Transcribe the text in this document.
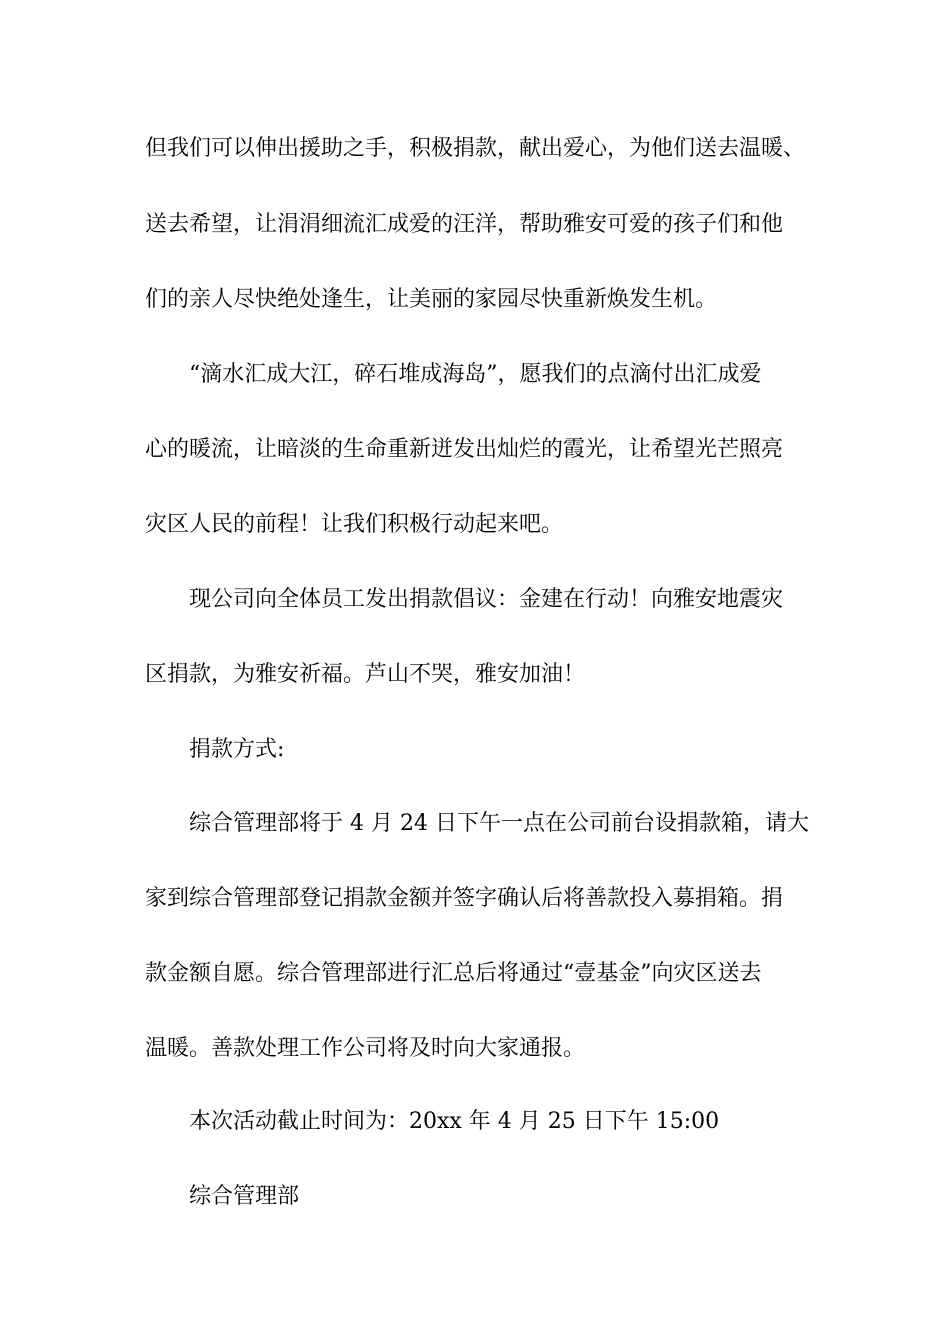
但我们可以伸出援助之手，积极捐款，献出爱心，为他们送去温暖、
送去希望，让涓涓细流汇成爱的汪洋，帮助雅安可爱的孩子们和他
们的亲人尽快绝处逢生，让美丽的家园尽快重新焕发生机。
“滴水汇成大江，碎石堆成海岛”，愿我们的点滴付出汇成爱
心的暖流，让暗淡的生命重新迸发出灿烂的霞光，让希望光芒照亮
灾区人民的前程！让我们积极行动起来吧。
现公司向全体员工发出捐款倡议：金建在行动！向雅安地震灾
区捐款，为雅安祈福。芦山不哭，雅安加油！
捐款方式:
综合管理部将于 4 月 24 日下午一点在公司前台设捐款箱，请大
家到综合管理部登记捐款金额并签字确认后将善款投入募捐箱。捐
款金额自愿。综合管理部进行汇总后将通过“壹基金”向灾区送去
温暖。善款处理工作公司将及时向大家通报。
本次活动截止时间为：20xx 年 4 月 25 日下午 15:00
综合管理部
